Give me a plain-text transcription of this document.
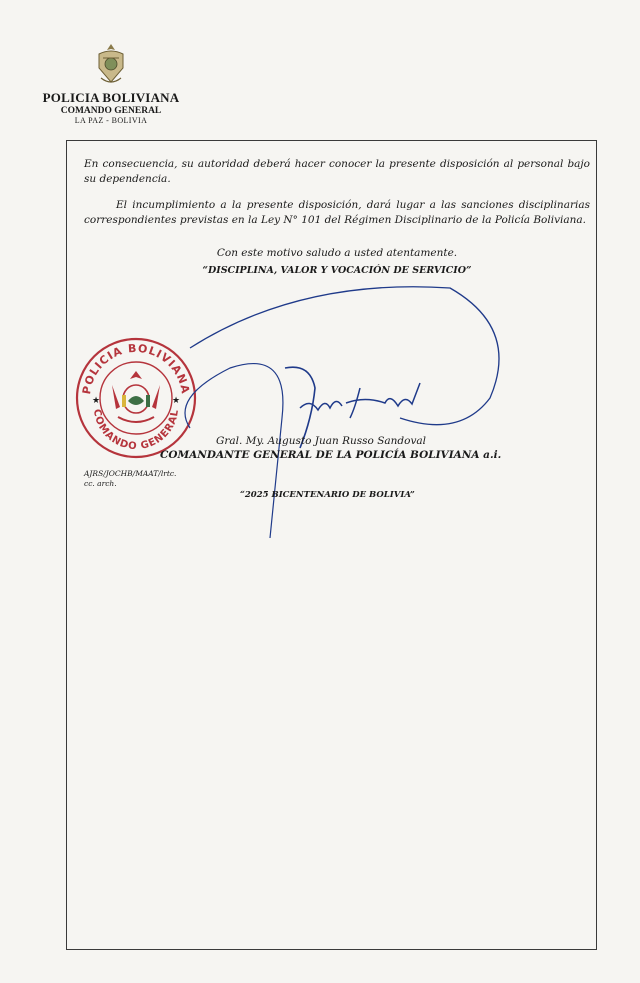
POLICIA BOLIVIANA
COMANDO GENERAL
LA PAZ - BOLIVIA
En consecuencia, su autoridad deberá hacer conocer la presente disposición al personal bajo su dependencia.
El incumplimiento a la presente disposición, dará lugar a las sanciones disciplinarias correspondientes previstas en la Ley N° 101 del Régimen Disciplinario de la Policía Boliviana.
Con este motivo saludo a usted atentamente.
“DISCIPLINA, VALOR Y VOCACIÓN DE SERVICIO”
POLICIA BOLIVIANA
COMANDO GENERAL
★	★
Gral. My. Augusto Juan Russo Sandoval
COMANDANTE GENERAL DE LA POLICÍA BOLIVIANA a.i.
AJRS/JOCHB/MAAT/lrtc.
cc. arch.
“2025 BICENTENARIO DE BOLIVIA”
